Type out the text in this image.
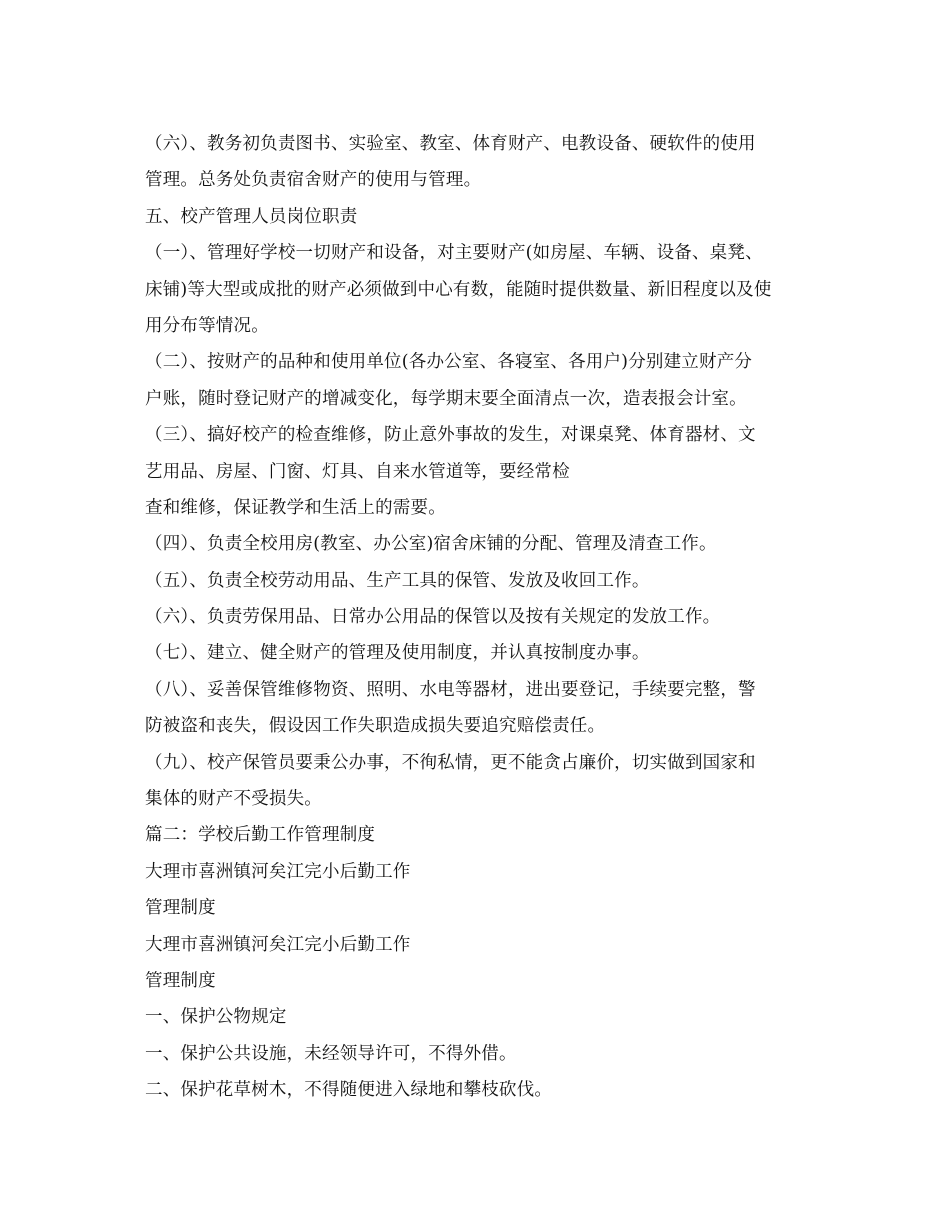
（六）、教务初负责图书、实验室、教室、体育财产、电教设备、硬软件的使用
管理。总务处负责宿舍财产的使用与管理。
五、校产管理人员岗位职责
（一）、管理好学校一切财产和设备，对主要财产(如房屋、车辆、设备、桌凳、
床铺)等大型或成批的财产必须做到中心有数，能随时提供数量、新旧程度以及使
用分布等情况。
（二）、按财产的品种和使用单位(各办公室、各寝室、各用户)分别建立财产分
户账，随时登记财产的增减变化，每学期末要全面清点一次，造表报会计室。
（三）、搞好校产的检查维修，防止意外事故的发生，对课桌凳、体育器材、文
艺用品、房屋、门窗、灯具、自来水管道等，要经常检
查和维修，保证教学和生活上的需要。
（四）、负责全校用房(教室、办公室)宿舍床铺的分配、管理及清查工作。
（五）、负责全校劳动用品、生产工具的保管、发放及收回工作。
（六）、负责劳保用品、日常办公用品的保管以及按有关规定的发放工作。
（七）、建立、健全财产的管理及使用制度，并认真按制度办事。
（八）、妥善保管维修物资、照明、水电等器材，进出要登记，手续要完整，警
防被盗和丧失，假设因工作失职造成损失要追究赔偿责任。
（九）、校产保管员要秉公办事，不徇私情，更不能贪占廉价，切实做到国家和
集体的财产不受损失。
篇二：学校后勤工作管理制度
大理市喜洲镇河矣江完小后勤工作
管理制度
大理市喜洲镇河矣江完小后勤工作
管理制度
一、保护公物规定
一、保护公共设施，未经领导许可，不得外借。
二、保护花草树木，不得随便进入绿地和攀枝砍伐。
